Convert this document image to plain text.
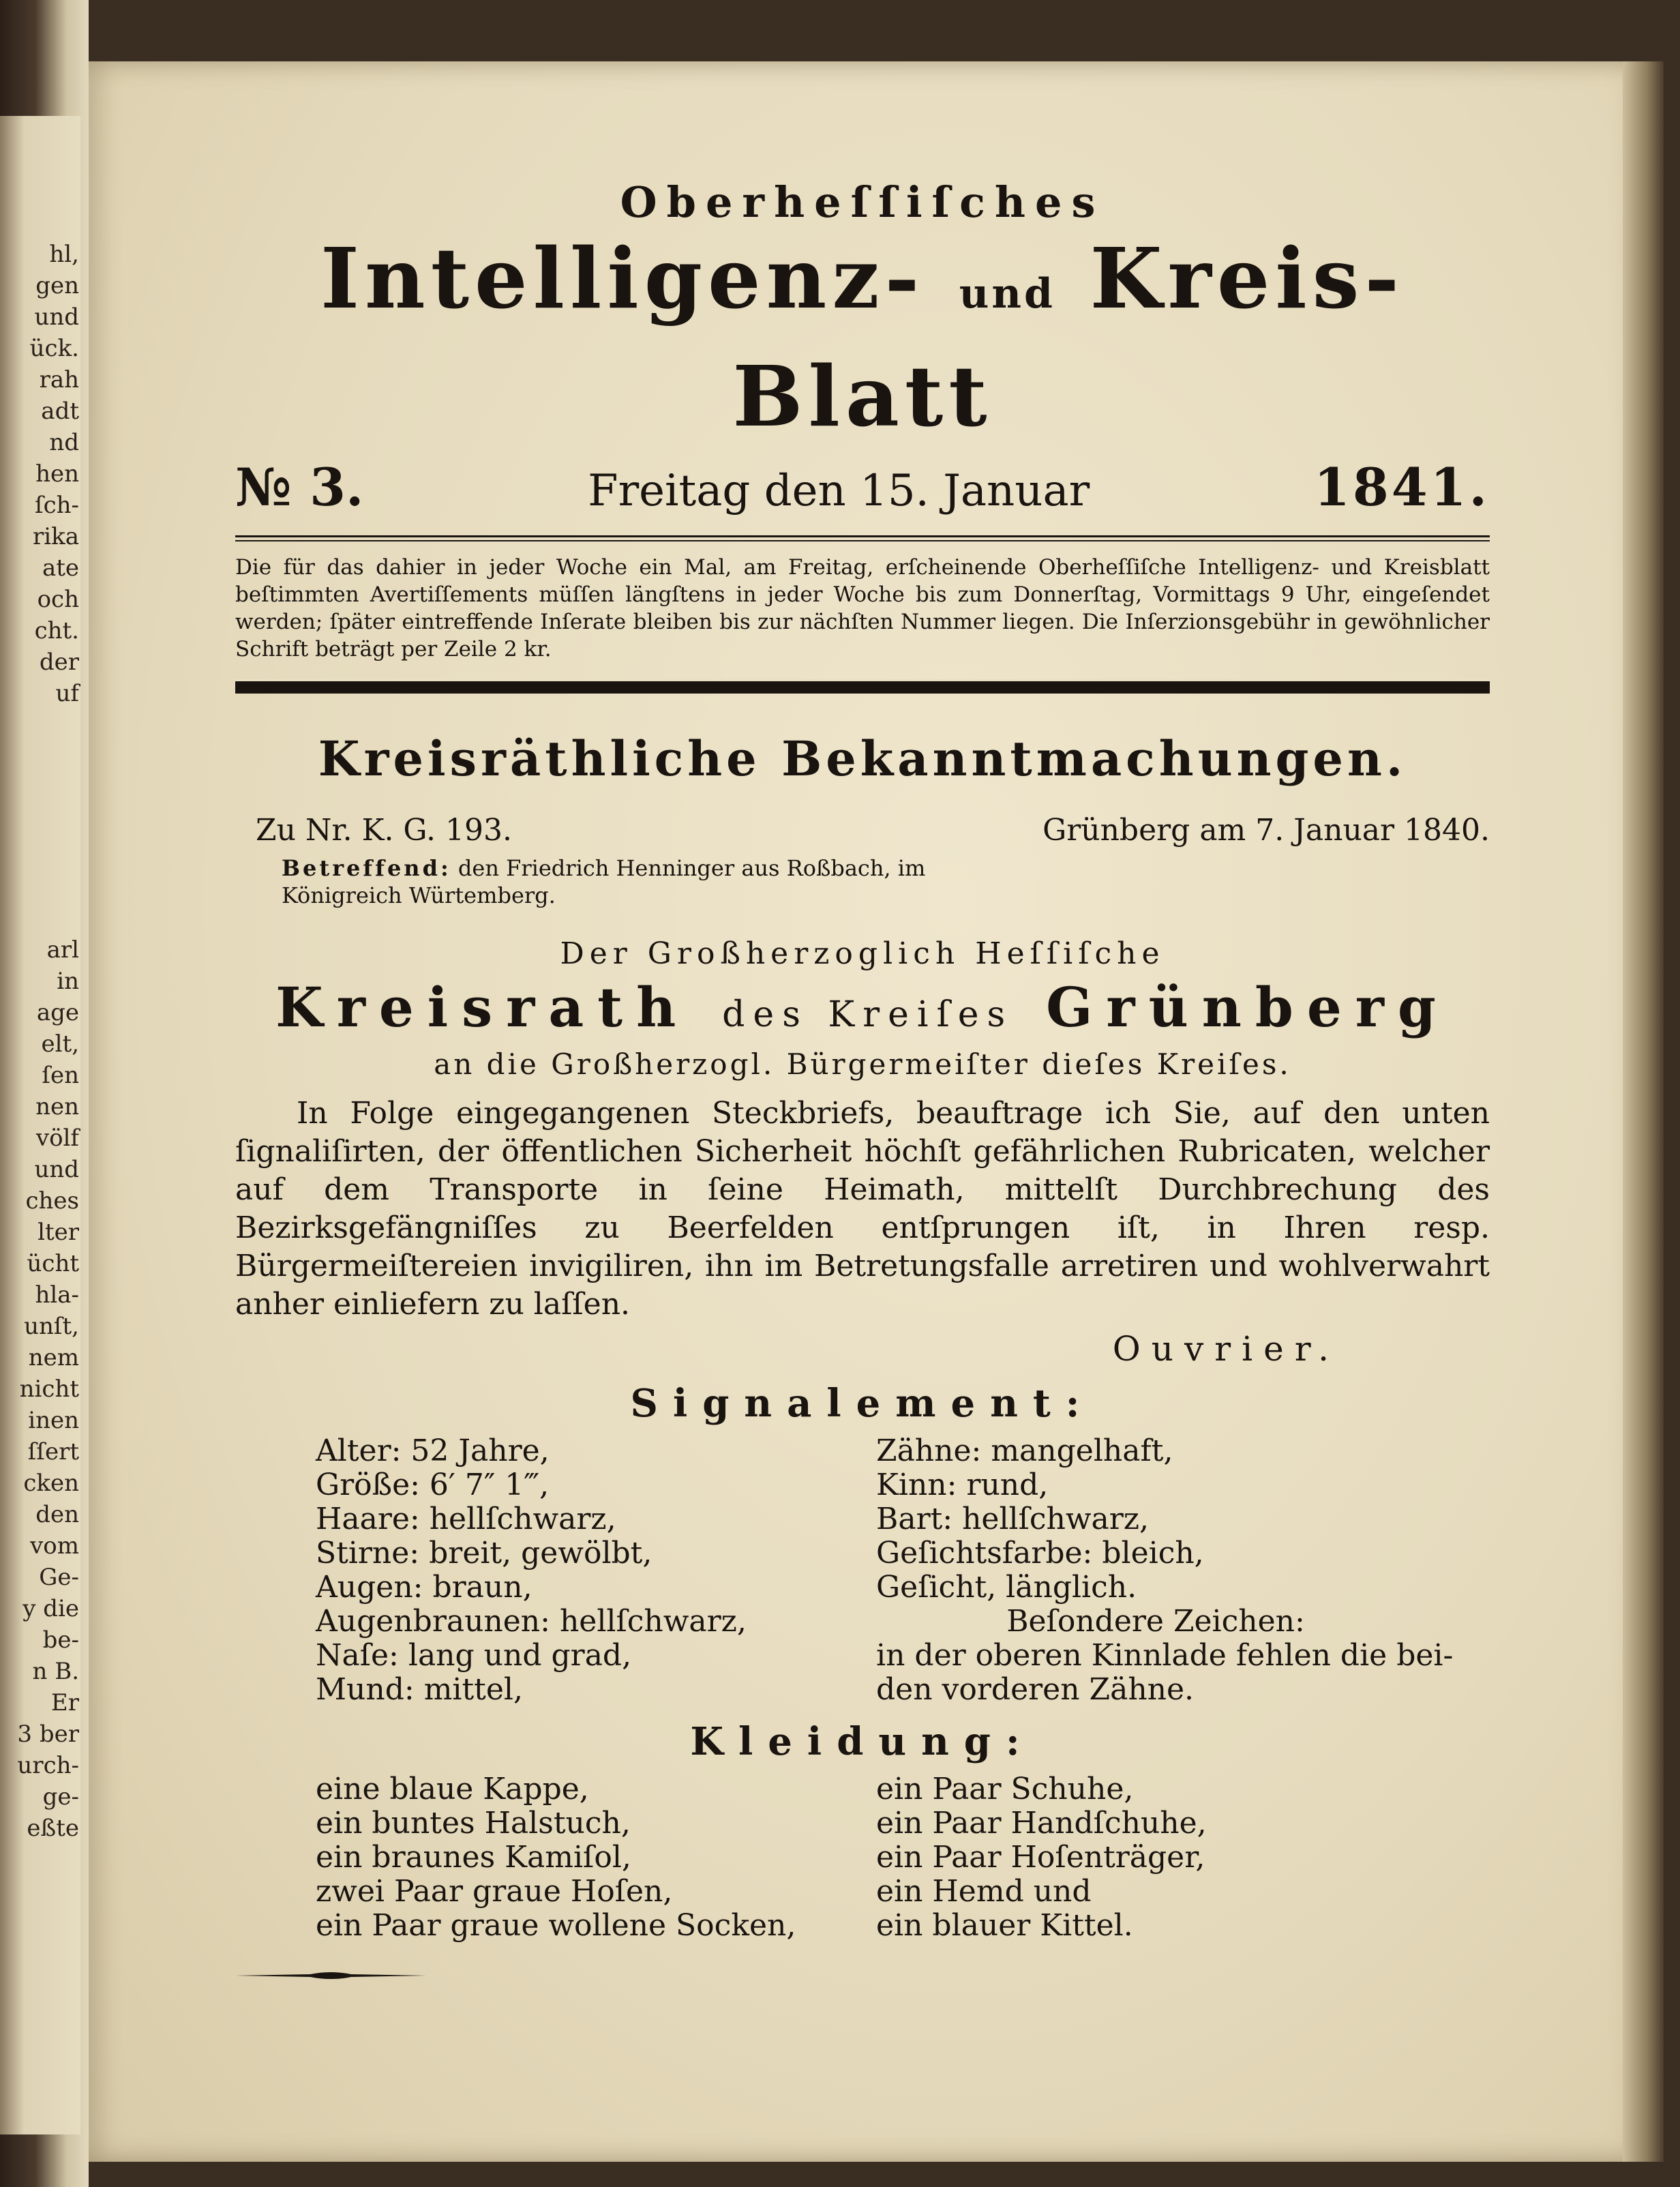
hl,
gen
und
ück.
rah
adt
nd
hen
ſch-
rika
ate
och
cht.
der
uf
arl
in
age
elt,
ſen
nen
völf
und
ches
lter
ücht
hla-
unſt,
nem
nicht
inen
ſſert
cken
den
vom
Ge-
y die
be-
n B.
Er
3 ber
urch-
ge-
eßte

Oberheſſiſches

Intelligenz- und Kreis-Blatt

№ 3.	Freitag den 15. Januar	1841.
Die für das dahier in jeder Woche ein Mal, am Freitag, erſcheinende Oberheſſiſche Intelligenz- und Kreisblatt beſtimmten Avertiſſements müſſen längſtens in jeder Woche bis zum Donnerſtag, Vormittags 9 Uhr, eingeſendet werden; ſpäter eintreffende Inſerate bleiben bis zur nächſten Nummer liegen. Die Inſerzionsgebühr in gewöhnlicher Schrift beträgt per Zeile 2 kr.

Kreisräthliche Bekanntmachungen.

Zu Nr. K. G. 193.	Grünberg am 7. Januar 1840.
Betreffend: den Friedrich Henninger aus Roßbach, im Königreich Würtemberg.
Der Großherzoglich Heſſiſche
Kreisrath des Kreiſes Grünberg
an die Großherzogl. Bürgermeiſter dieſes Kreiſes.
In Folge eingegangenen Steckbriefs, beauftrage ich Sie, auf den unten ſignaliſirten, der öffentlichen Sicherheit höchſt gefährlichen Rubricaten, welcher auf dem Transporte in ſeine Heimath, mittelſt Durchbrechung des Bezirksgefängniſſes zu Beerfelden entſprungen iſt, in Ihren resp. Bürgermeiſtereien invigiliren, ihn im Betretungsfalle arretiren und wohlverwahrt anher einliefern zu laſſen.
Ouvrier.
Signalement:
Alter: 52 Jahre,
Größe: 6′ 7″ 1‴,
Haare: hellſchwarz,
Stirne: breit, gewölbt,
Augen: braun,
Augenbraunen: hellſchwarz,
Naſe: lang und grad,
Mund: mittel,
Zähne: mangelhaft,
Kinn: rund,
Bart: hellſchwarz,
Geſichtsfarbe: bleich,
Geſicht, länglich.
Beſondere Zeichen:
in der oberen Kinnlade fehlen die bei-
den vorderen Zähne.
Kleidung:
eine blaue Kappe,
ein buntes Halstuch,
ein braunes Kamiſol,
zwei Paar graue Hoſen,
ein Paar graue wollene Socken,
ein Paar Schuhe,
ein Paar Handſchuhe,
ein Paar Hoſenträger,
ein Hemd und
ein blauer Kittel.
